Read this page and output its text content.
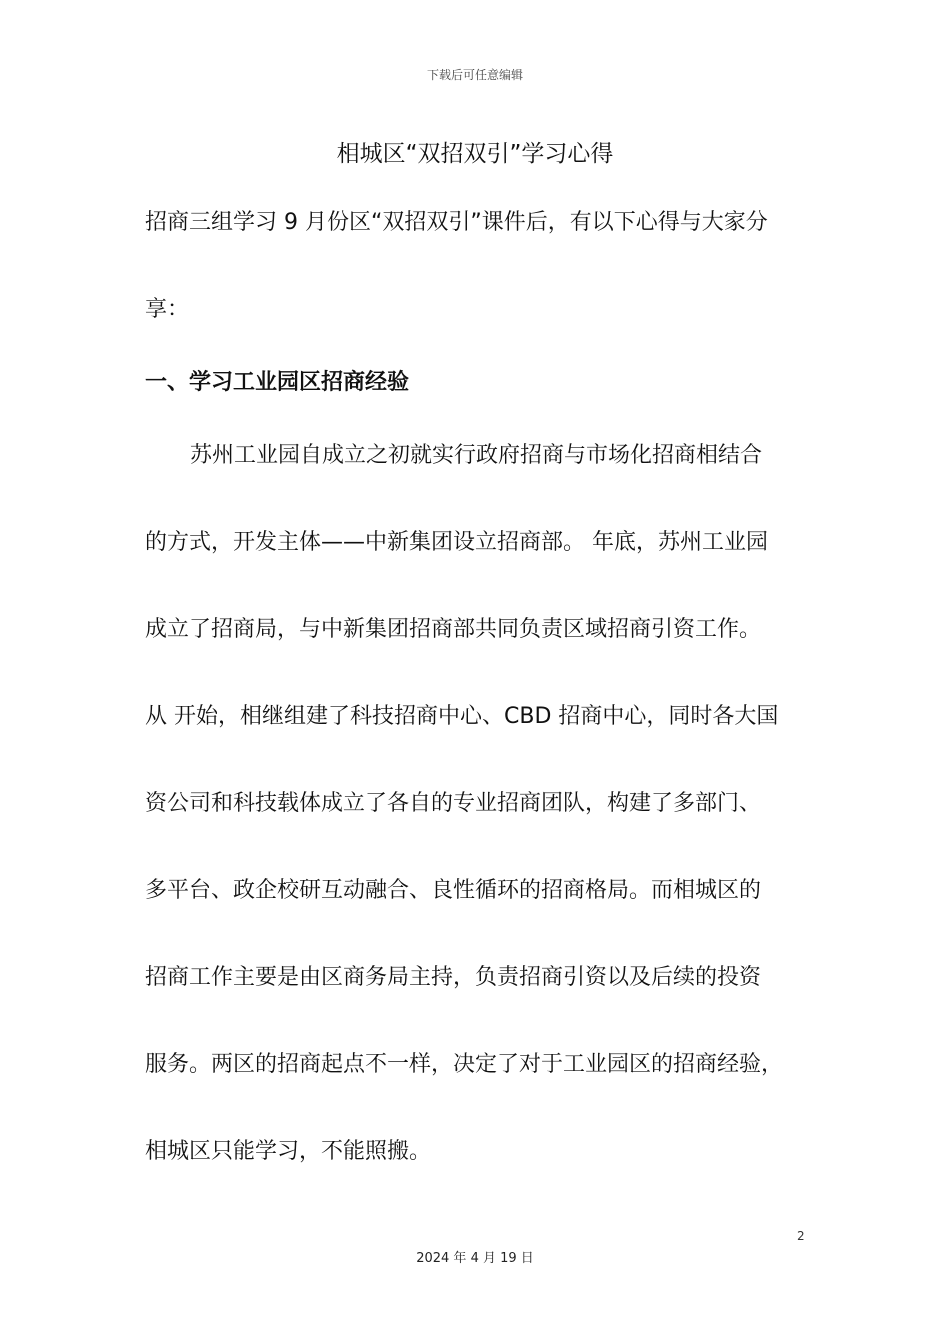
下载后可任意编辑
相城区“双招双引”学习心得
招商三组学习 9 月份区“双招双引”课件后，有以下心得与大家分
享：
一、学习工业园区招商经验
苏州工业园自成立之初就实行政府招商与市场化招商相结合
的方式，开发主体——中新集团设立招商部。 年底，苏州工业园
成立了招商局，与中新集团招商部共同负责区域招商引资工作。
从 开始，相继组建了科技招商中心、CBD 招商中心，同时各大国
资公司和科技载体成立了各自的专业招商团队，构建了多部门、
多平台、政企校研互动融合、良性循环的招商格局。而相城区的
招商工作主要是由区商务局主持，负责招商引资以及后续的投资
服务。两区的招商起点不一样，决定了对于工业园区的招商经验，
相城区只能学习，不能照搬。
2
2024 年 4 月 19 日
